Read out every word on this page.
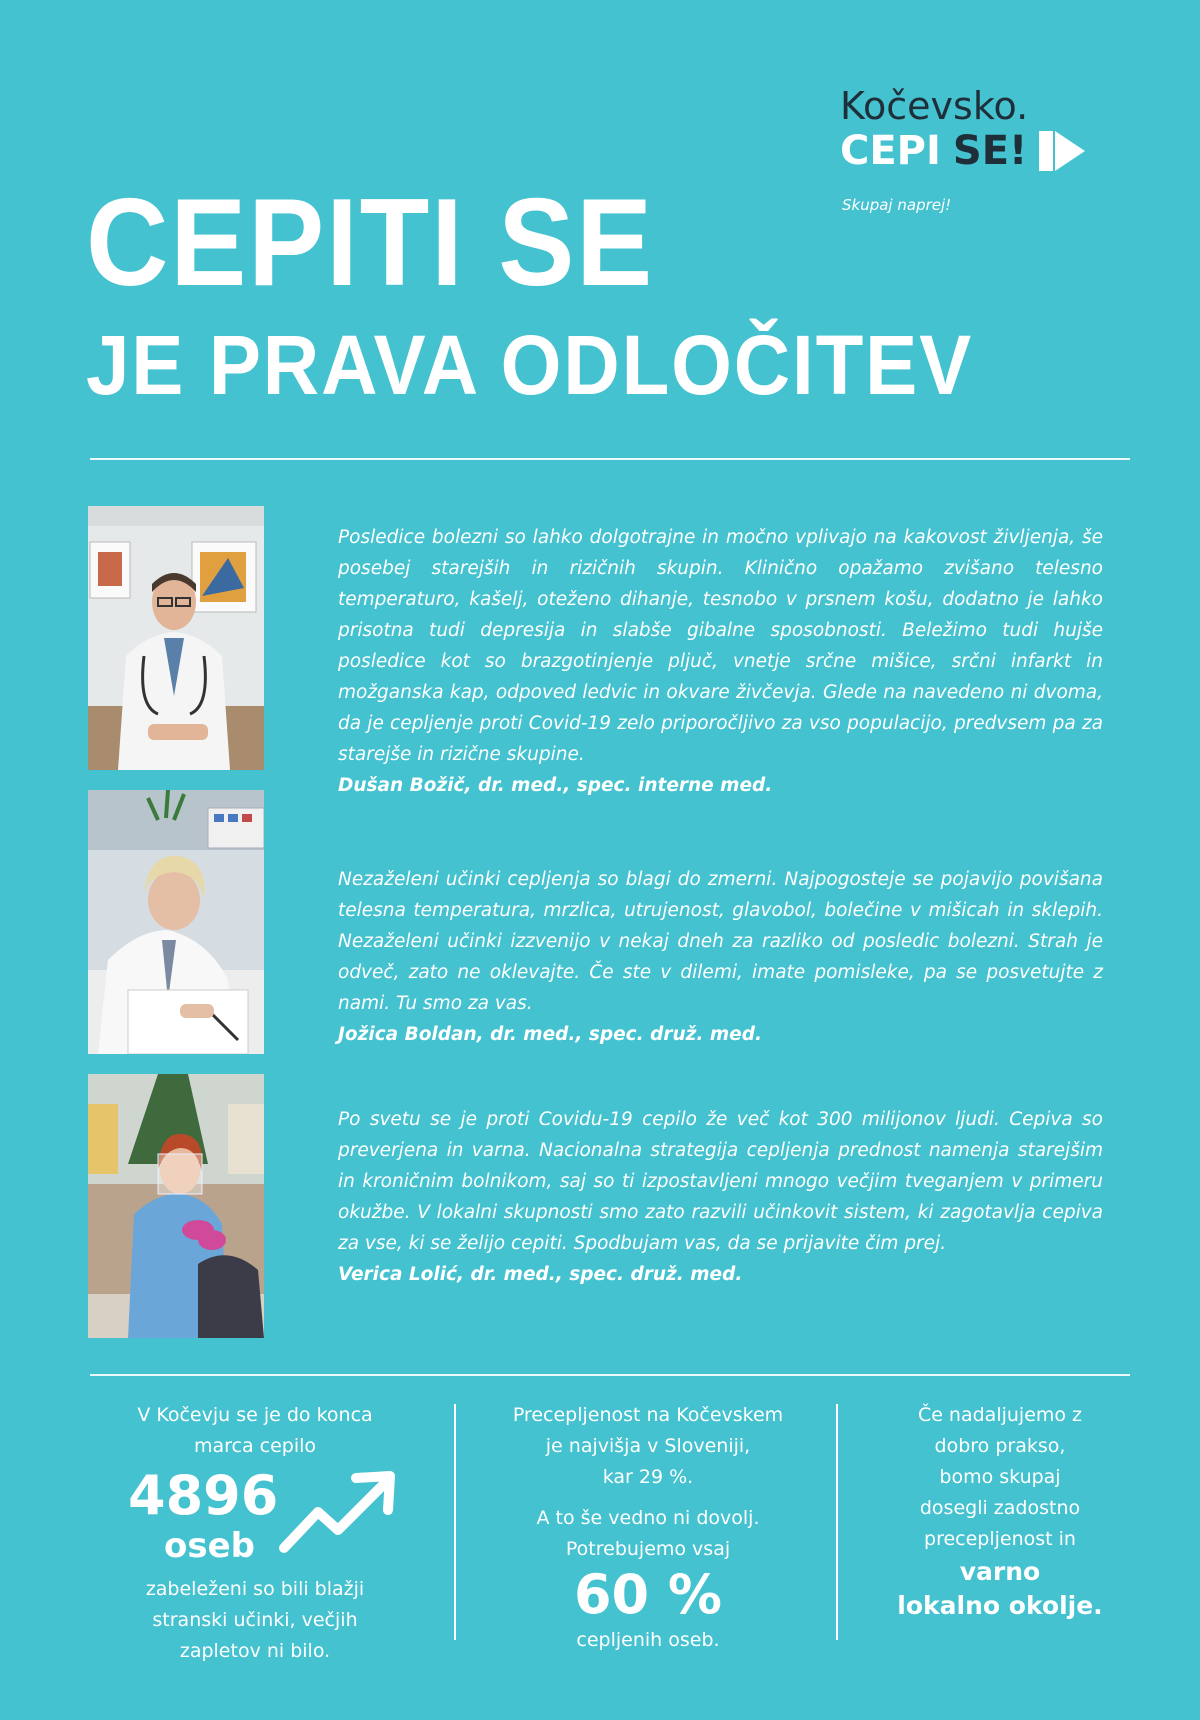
Kočevsko.
CEPI SE!
Skupaj naprej!
CEPITI SE
JE PRAVA ODLOČITEV
Posledice bolezni so lahko dolgotrajne in močno vplivajo na kakovost življenja, še posebej starejših in rizičnih skupin. Klinično opažamo zvišano telesno temperaturo, kašelj, oteženo dihanje, tesnobo v prsnem košu, dodatno je lahko prisotna tudi depresija in slabše gibalne sposobnosti. Beležimo tudi hujše posledice kot so brazgotinjenje pljuč, vnetje srčne mišice, srčni infarkt in možganska kap, odpoved ledvic in okvare živčevja. Glede na navedeno ni dvoma, da je cepljenje proti Covid-19 zelo priporočljivo za vso populacijo, predvsem pa za starejše in rizične skupine.
Dušan Božič, dr. med., spec. interne med.
Nezaželeni učinki cepljenja so blagi do zmerni. Najpogosteje se pojavijo povišana telesna temperatura, mrzlica, utrujenost, glavobol, bolečine v mišicah in sklepih. Nezaželeni učinki izzvenijo v nekaj dneh za razliko od posledic bolezni. Strah je odveč, zato ne oklevajte. Če ste v dilemi, imate pomisleke, pa se posvetujte z nami. Tu smo za vas.
Jožica Boldan, dr. med., spec. druž. med.
Po svetu se je proti Covidu-19 cepilo že več kot 300 milijonov ljudi. Cepiva so preverjena in varna. Nacionalna strategija cepljenja prednost namenja starejšim in kroničnim bolnikom, saj so ti izpostavljeni mnogo večjim tveganjem v primeru okužbe. V lokalni skupnosti smo zato razvili učinkovit sistem, ki zagotavlja cepiva za vse, ki se želijo cepiti. Spodbujam vas, da se prijavite čim prej.
Verica Lolić, dr. med., spec. druž. med.
V Kočevju se je do konca
marca cepilo
4896
oseb
zabeleženi so bili blažji
stranski učinki, večjih
zapletov ni bilo.
Precepljenost na Kočevskem
je najvišja v Sloveniji,
kar 29 %.
A to še vedno ni dovolj.
Potrebujemo vsaj
60 %
cepljenih oseb.
Če nadaljujemo z
dobro prakso,
bomo skupaj
dosegli zadostno
precepljenost in
varno
lokalno okolje.
